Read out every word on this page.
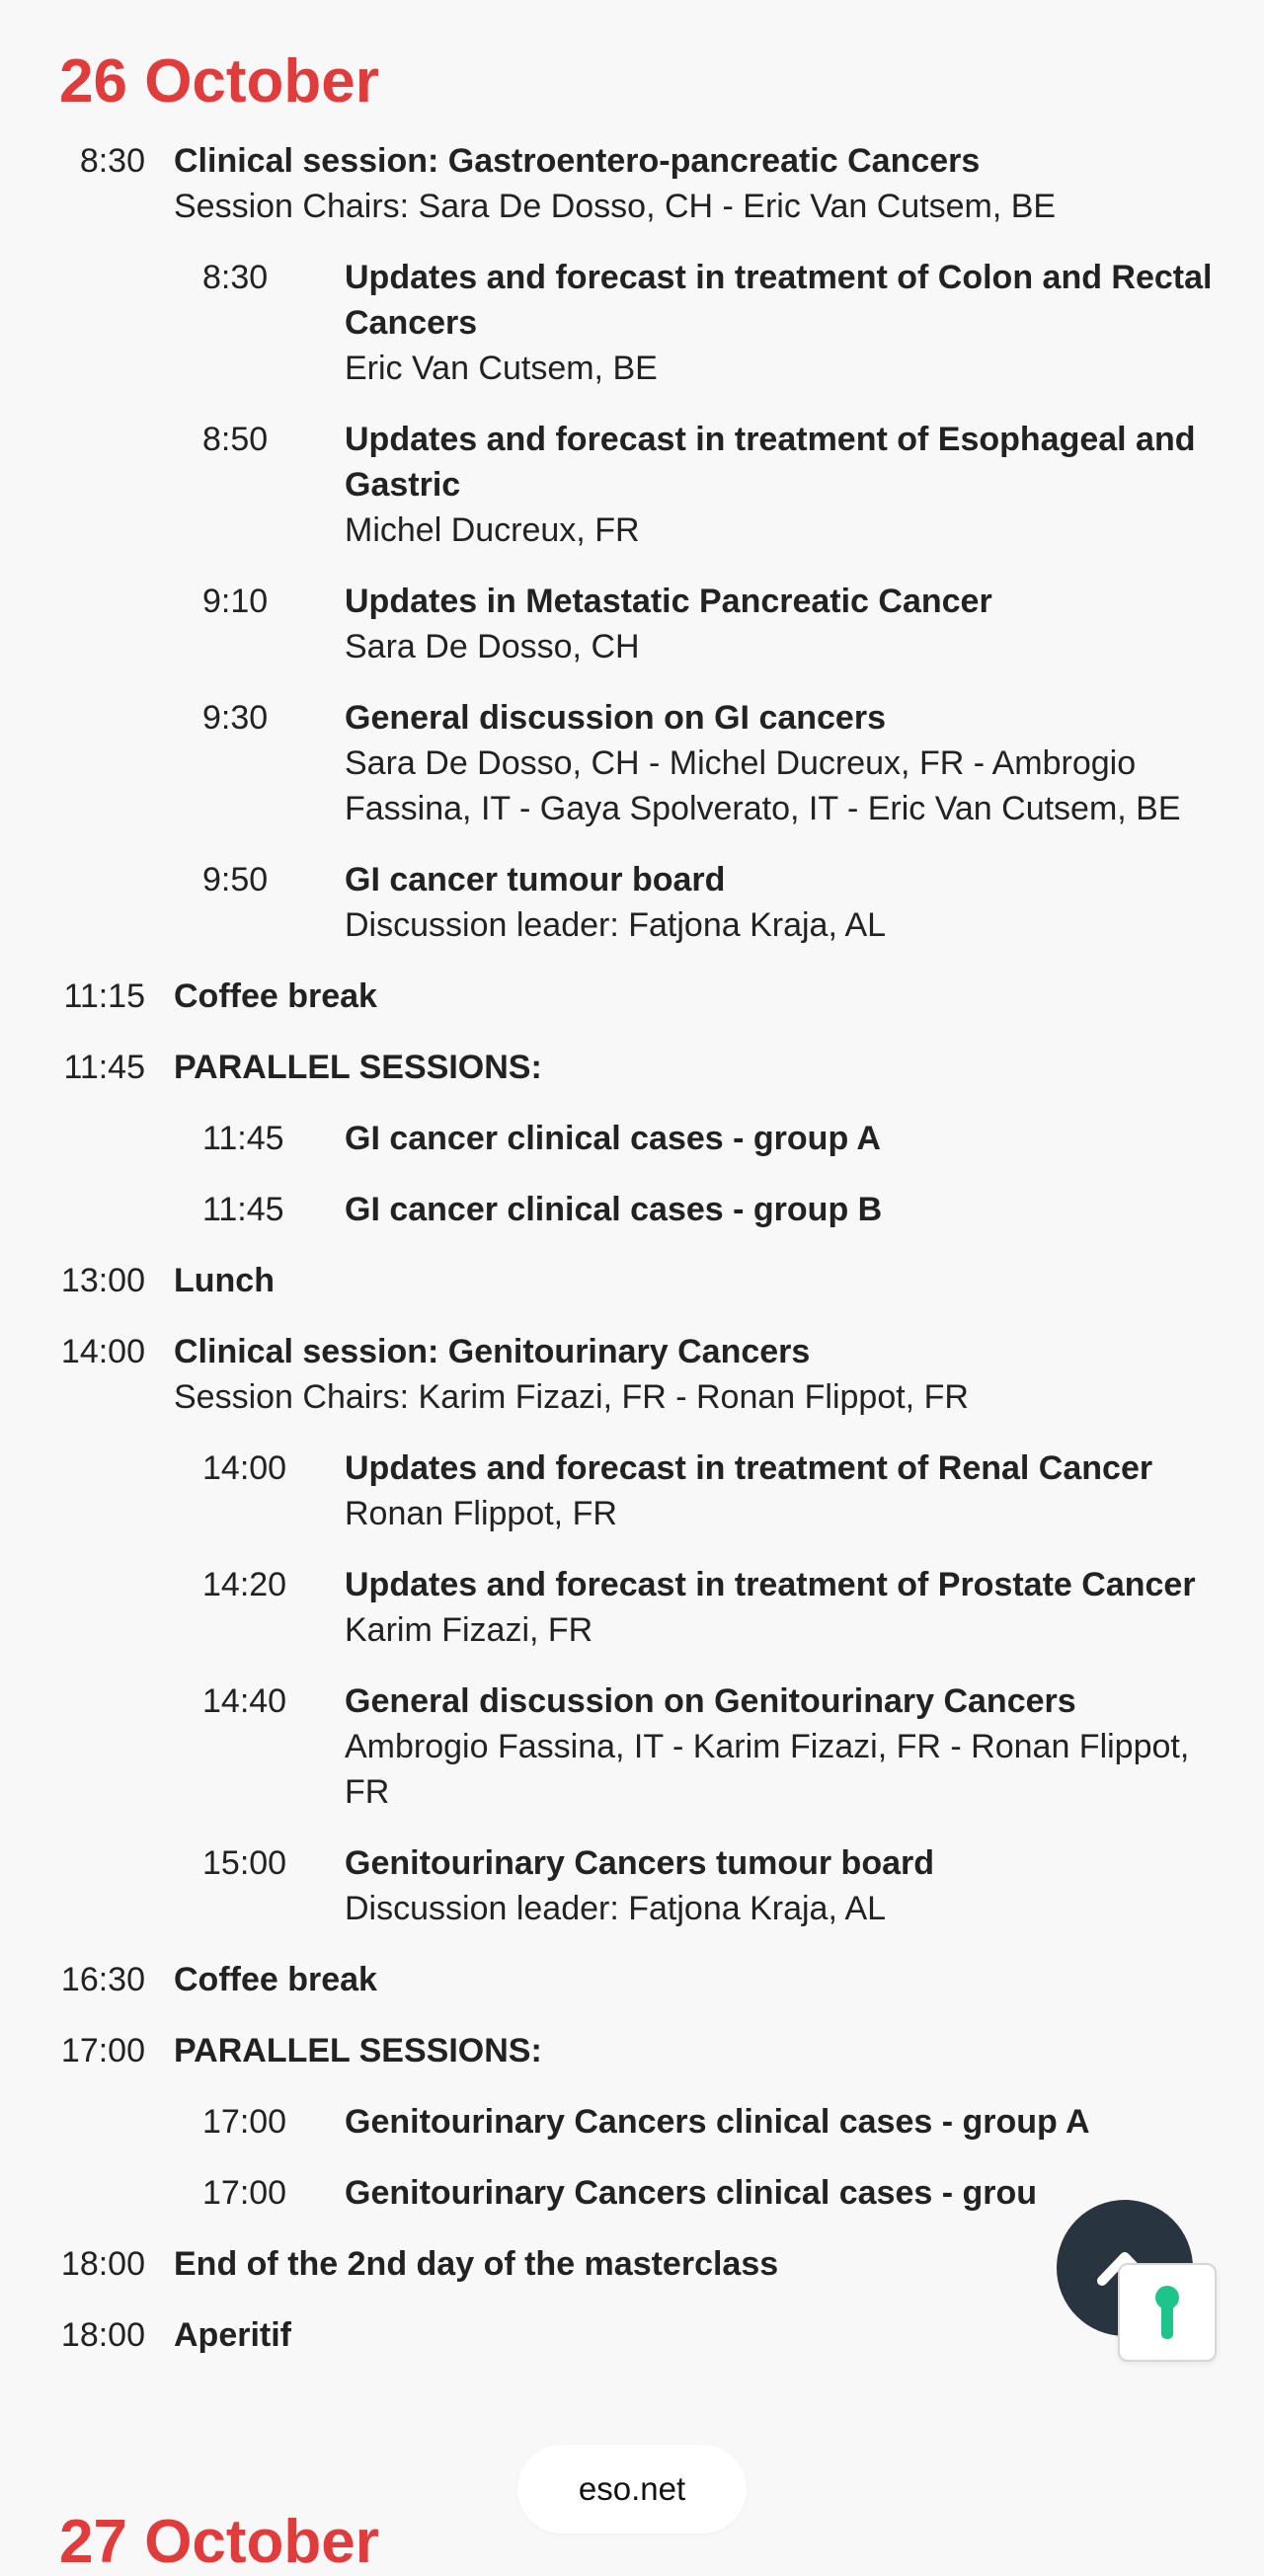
26 October
8:30 Clinical session: Gastroentero-pancreatic Cancers
Session Chairs: Sara De Dosso, CH - Eric Van Cutsem, BE
8:30	Updates and forecast in treatment of Colon and Rectal Cancers
Eric Van Cutsem, BE
8:50	Updates and forecast in treatment of Esophageal and Gastric
Michel Ducreux, FR
9:10	Updates in Metastatic Pancreatic Cancer
Sara De Dosso, CH
9:30	General discussion on GI cancers
Sara De Dosso, CH - Michel Ducreux, FR - Ambrogio Fassina, IT - Gaya Spolverato, IT - Eric Van Cutsem, BE
9:50	GI cancer tumour board
Discussion leader: Fatjona Kraja, AL
11:15 Coffee break
11:45 PARALLEL SESSIONS:
11:45	GI cancer clinical cases - group A
11:45	GI cancer clinical cases - group B
13:00 Lunch
14:00 Clinical session: Genitourinary Cancers
Session Chairs: Karim Fizazi, FR - Ronan Flippot, FR
14:00	Updates and forecast in treatment of Renal Cancer
Ronan Flippot, FR
14:20	Updates and forecast in treatment of Prostate Cancer
Karim Fizazi, FR
14:40	General discussion on Genitourinary Cancers
Ambrogio Fassina, IT - Karim Fizazi, FR - Ronan Flippot, FR
15:00	Genitourinary Cancers tumour board
Discussion leader: Fatjona Kraja, AL
16:30 Coffee break
17:00 PARALLEL SESSIONS:
17:00	Genitourinary Cancers clinical cases - group A
17:00	Genitourinary Cancers clinical cases - grou
18:00 End of the 2nd day of the masterclass
18:00 Aperitif
27 October
eso.net
